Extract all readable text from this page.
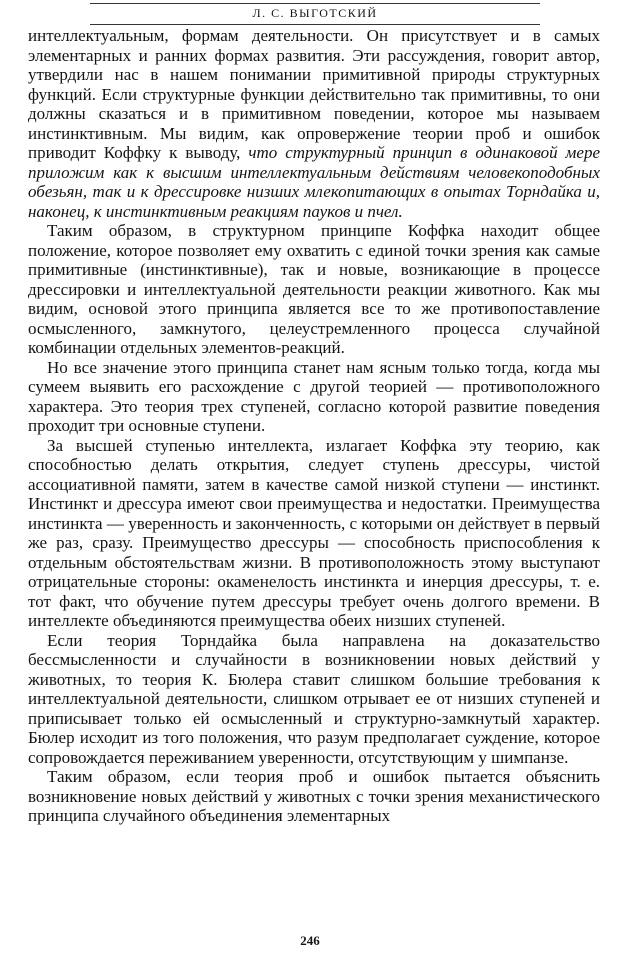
Л. С. ВЫГОТСКИЙ

интеллектуальным, формам деятельности. Он присутствует и в самых элементарных и ранних формах развития. Эти рассуждения, говорит автор, утвердили нас в нашем понимании примитивной природы структурных функций. Если структурные функции действительно так примитивны, то они должны сказаться и в примитивном поведении, которое мы называем инстинктивным. Мы видим, как опровержение теории проб и ошибок приводит Коффку к выводу, что структурный принцип в одинаковой мере приложим как к высшим интеллектуальным действиям человекоподобных обезьян, так и к дрессировке низших млекопитающих в опытах Торндайка и, наконец, к инстинктивным реакциям пауков и пчел.

Таким образом, в структурном принципе Коффка находит общее положение, которое позволяет ему охватить с единой точки зрения как самые примитивные (инстинктивные), так и новые, возникающие в процессе дрессировки и интеллектуальной деятельности реакции животного. Как мы видим, основой этого принципа является все то же противопоставление осмысленного, замкнутого, целеустремленного процесса случайной комбинации отдельных элементов-реакций.

Но все значение этого принципа станет нам ясным только тогда, когда мы сумеем выявить его расхождение с другой теорией — противоположного характера. Это теория трех ступеней, согласно которой развитие поведения проходит три основные ступени.

За высшей ступенью интеллекта, излагает Коффка эту теорию, как способностью делать открытия, следует ступень дрессуры, чистой ассоциативной памяти, затем в качестве самой низкой ступени — инстинкт. Инстинкт и дрессура имеют свои преимущества и недостатки. Преимущества инстинкта — уверенность и законченность, с которыми он действует в первый же раз, сразу. Преимущество дрессуры — способность приспособления к отдельным обстоятельствам жизни. В противоположность этому выступают отрицательные стороны: окаменелость инстинкта и инерция дрессуры, т. е. тот факт, что обучение путем дрессуры требует очень долгого времени. В интеллекте объединяются преимущества обеих низших ступеней.

Если теория Торндайка была направлена на доказательство бессмысленности и случайности в возникновении новых действий у животных, то теория К. Бюлера ставит слишком большие требования к интеллектуальной деятельности, слишком отрывает ее от низших ступеней и приписывает только ей осмысленный и структурно-замкнутый характер. Бюлер исходит из того положения, что разум предполагает суждение, которое сопровождается переживанием уверенности, отсутствующим у шимпанзе.

Таким образом, если теория проб и ошибок пытается объяснить возникновение новых действий у животных с точки зрения механистического принципа случайного объединения элементарных

246
